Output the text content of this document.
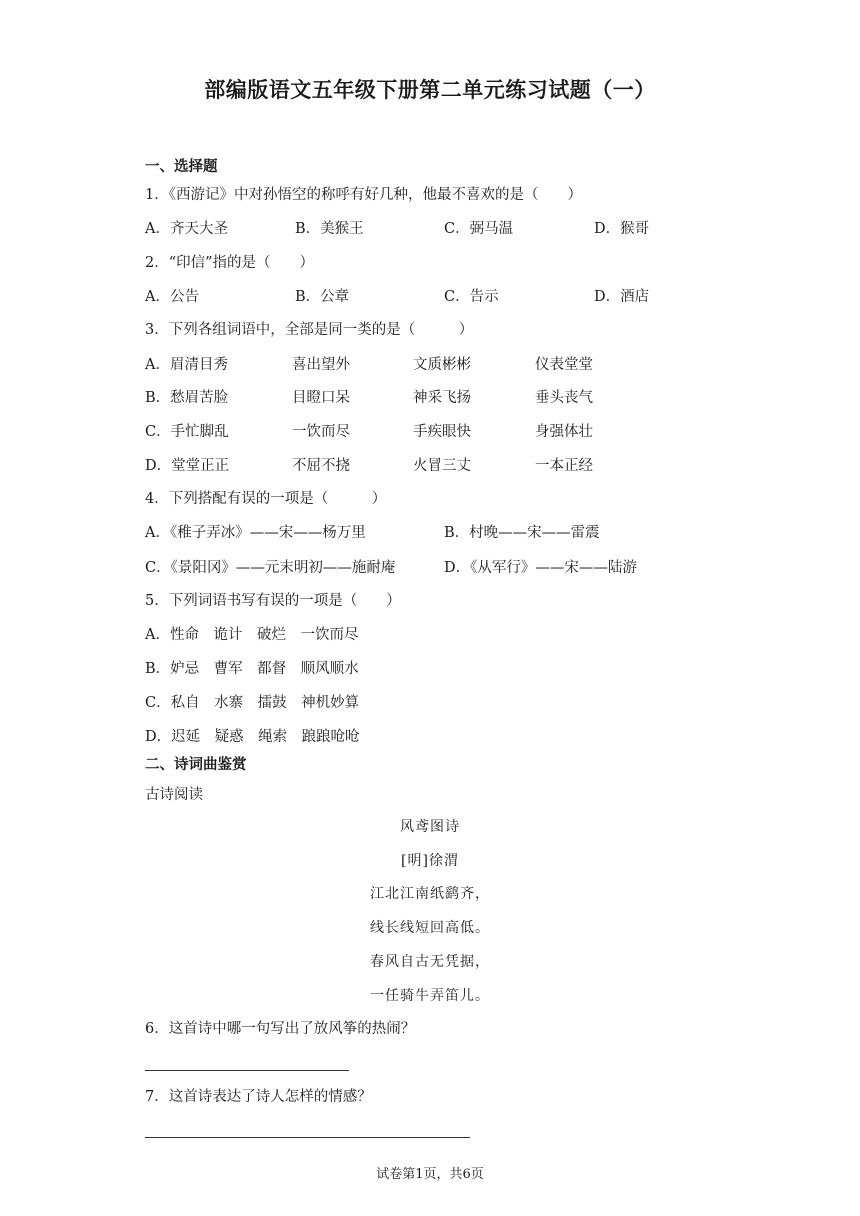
部编版语文五年级下册第二单元练习试题（一）
一、选择题
1．《西游记》中对孙悟空的称呼有好几种，他最不喜欢的是（　　）
A．齐天大圣	B．美猴王	C．弼马温	D．猴哥
2．“印信”指的是（　　）
A．公告	B．公章	C．告示	D．酒店
3．下列各组词语中，全部是同一类的是（　　　）
A．眉清目秀	喜出望外	文质彬彬	仪表堂堂
B．愁眉苦脸	目瞪口呆	神采飞扬	垂头丧气
C．手忙脚乱	一饮而尽	手疾眼快	身强体壮
D．堂堂正正	不屈不挠	火冒三丈	一本正经
4．下列搭配有误的一项是（　　　）
A．《稚子弄冰》——宋——杨万里	B．村晚——宋——雷震
C．《景阳冈》——元末明初——施耐庵	D．《从军行》——宋——陆游
5．下列词语书写有误的一项是（　　）
A．性命　诡计　破烂　一饮而尽
B．妒忌　曹军　都督　顺风顺水
C．私自　水寨　擂鼓　神机妙算
D．迟延　疑惑　绳索　踉踉呛呛
二、诗词曲鉴赏
古诗阅读
风鸢图诗
[明]徐渭
江北江南纸鹞齐，
线长线短回高低。
春风自古无凭据，
一任骑牛弄笛儿。
6．这首诗中哪一句写出了放风筝的热闹？
7．这首诗表达了诗人怎样的情感？
试卷第1页，共6页
